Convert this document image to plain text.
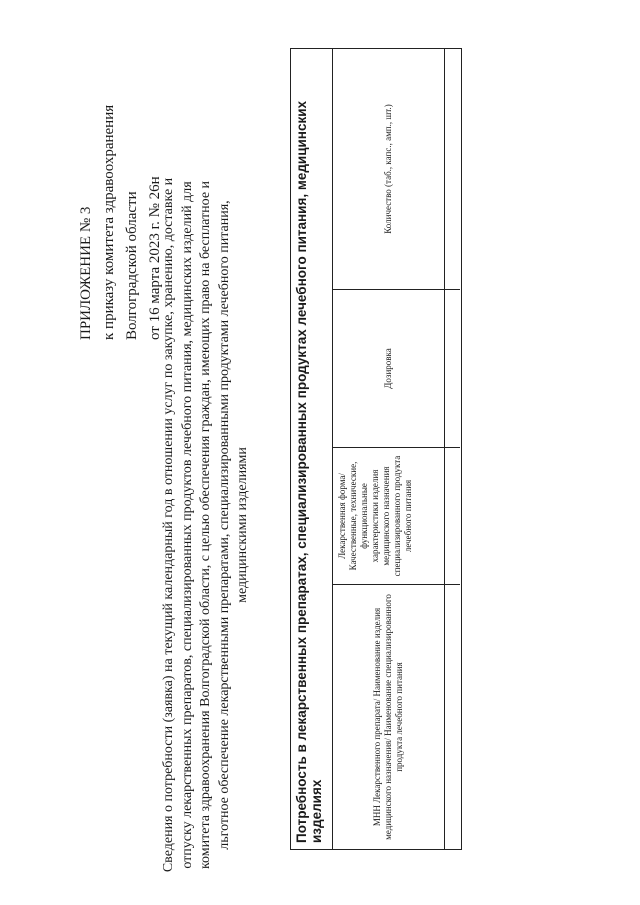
ПРИЛОЖЕНИЕ № 3 к приказу комитета здравоохранения Волгоградской области от 16 марта 2023 г. № 26н
Сведения о потребности (заявка) на текущий календарный год в отношении услуг по закупке, хранению, доставке и отпуску лекарственных препаратов, специализированных продуктов лечебного питания, медицинских изделий для комитета здравоохранения Волгоградской области, с целью обеспечения граждан, имеющих право на бесплатное и льготное обеспечение лекарственными препаратами, специализированными продуктами лечебного питания, медицинскими изделиями	Потребность в лекарственных препаратах, специализированных продуктах лечебного питания, медицинских изделиях	МНН Лекарственного препарата/ Наименование изделия медицинского назначения/ Наименование специализированного продукта лечебного питания
Лекарственная форма/ Качественные, технические, функциональные характеристики изделия медицинского назначения специализированного продукта лечебного питания
Дозировка
Количество (таб., капс., амп., шт.)
